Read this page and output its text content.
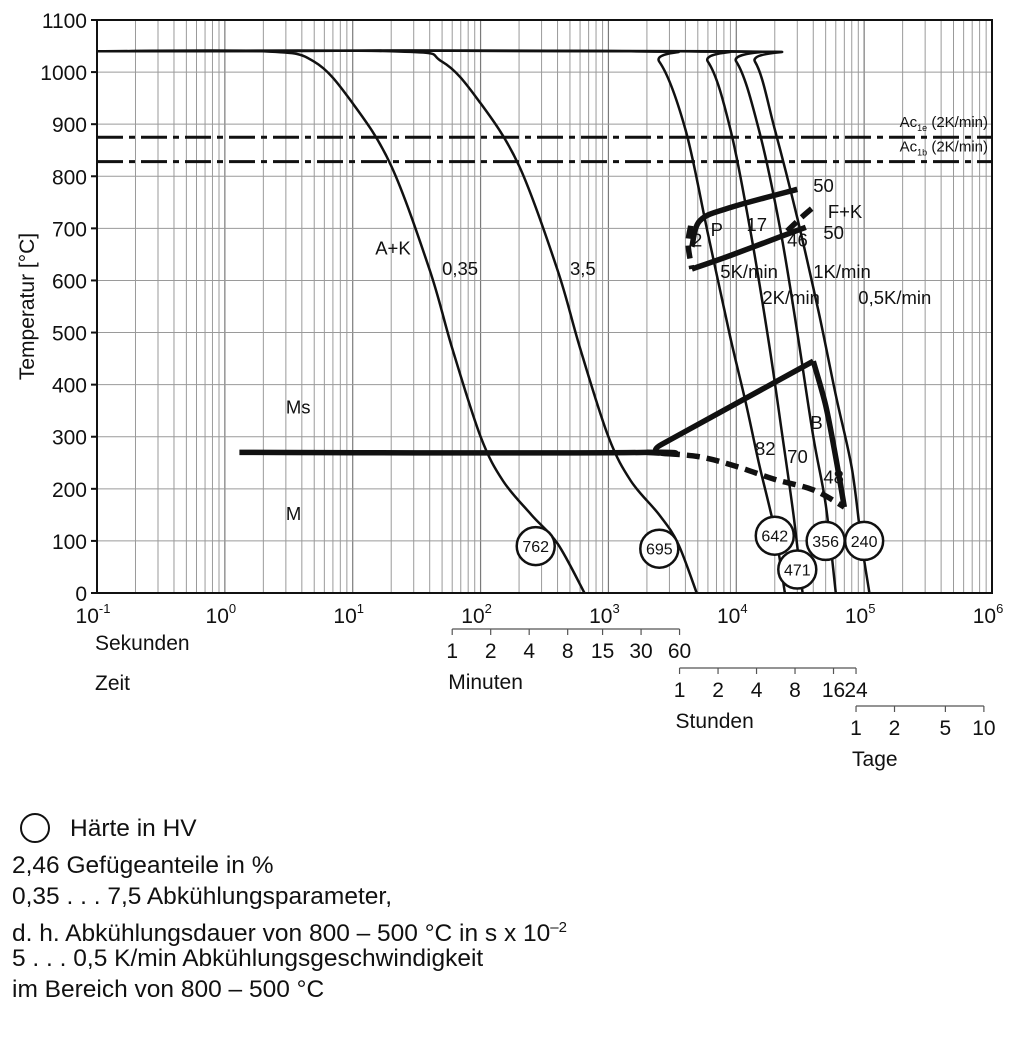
$Ac_{1e}$ (2K/min)
$Ac_{1b}$ (2K/min)
762	695
642
471
356 240
A+K
Ms
M
0,35	3,5
2 P 17
50
F+K
46 50
5K/min 1K/min
2K/min 0,5K/min
B
82 70
48
0
100
200
300
400
500
600
700
800
900
1000
1100
Temperatur [°C]
$10^{-1}$	$10^0$	$10^1$	$10^2$	$10^3$	$10^4$	$10^5$	$10^6$
Sekunden
Zeit
1 2 4 8 15 30 60
Minuten	1 2 4 8 16 24
Stunden	1 2 5 10
Tage
Härte in HV
2,46 Gefügeanteile in %
0,35 . . . 7,5 Abkühlungsparameter,
d. h. Abkühlungsdauer von 800 – 500 °C in s x $10^{-2}$
5 . . . 0,5 K/min Abkühlungsgeschwindigkeit
im Bereich von 800 – 500 °C
